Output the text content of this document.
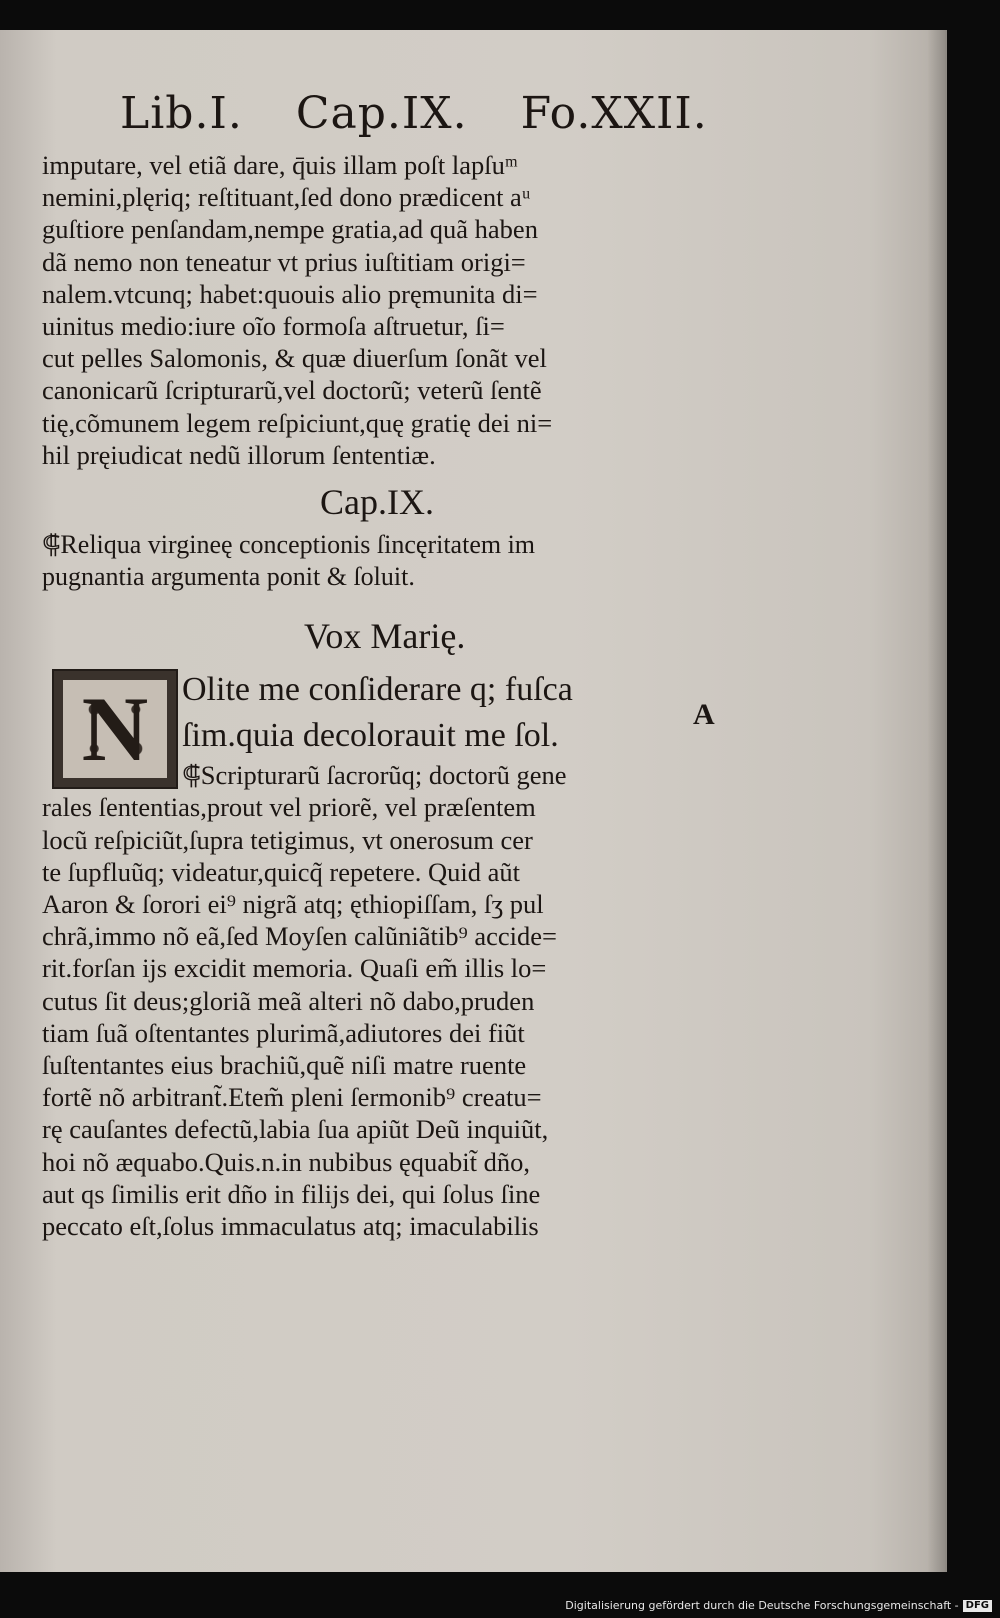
Lib.I. Cap.IX. Fo.XXII.
imputare, vel etiã dare, q̄uis illam poſt lapſuᵐ
nemini,plęriq; reſtituant,ſed dono prædicent aᵘ
guſtiore penſandam,nempe gratia,ad quã haben
dã nemo non teneatur vt prius iuſtitiam origi=
nalem.vtcunq; habet:quouis alio pręmunita di=
uinitus medio:iure oĩo formoſa aſtruetur, ſi=
cut pelles Salomonis, & quæ diuerſum ſonãt vel
canonicarũ ſcripturarũ,vel doctorũ; veterũ ſentẽ
tię,cõmunem legem reſpiciunt,quę gratię dei ni=
hil pręiudicat nedũ illorum ſententiæ.
Cap.IX.
⸿Reliqua virgineę conceptionis ſincęritatem im
pugnantia argumenta ponit & ſoluit.
Vox Marię.
N Olite me conſiderare q; fuſca
ſim.quia decolorauit me ſol.
⸿Scripturarũ ſacrorũq; doctorũ gene
rales ſententias,prout vel priorẽ, vel præſentem
locũ reſpiciũt,ſupra tetigimus, vt onerosum cer
te ſupfluũq; videatur,quicq̃ repetere. Quid aũt
Aaron & ſorori ei⁹ nigrã atq; ęthiopiſſam, ſʒ pul
chrã,immo nõ eã,ſed Moyſen calũniãtib⁹ accide=
rit.forſan ijs excidit memoria. Quaſi em̃ illis lo=
cutus ſit deus;gloriã meã alteri nõ dabo,pruden
tiam ſuã oſtentantes plurimã,adiutores dei fiũt
ſuſtentantes eius brachiũ,quẽ niſi matre ruente
fortẽ nõ arbitrant̃.Etem̃ pleni ſermonib⁹ creatu=
rę cauſantes defectũ,labia ſua apiũt Deũ inquiũt,
hoi nõ æquabo.Quis.n.in nubibus ęquabit̃ dño,
aut qs ſimilis erit dño in filijs dei, qui ſolus ſine
peccato eſt,ſolus immaculatus atq; imaculabilis
A
Digitalisierung gefördert durch die Deutsche Forschungsgemeinschaft - DFG
